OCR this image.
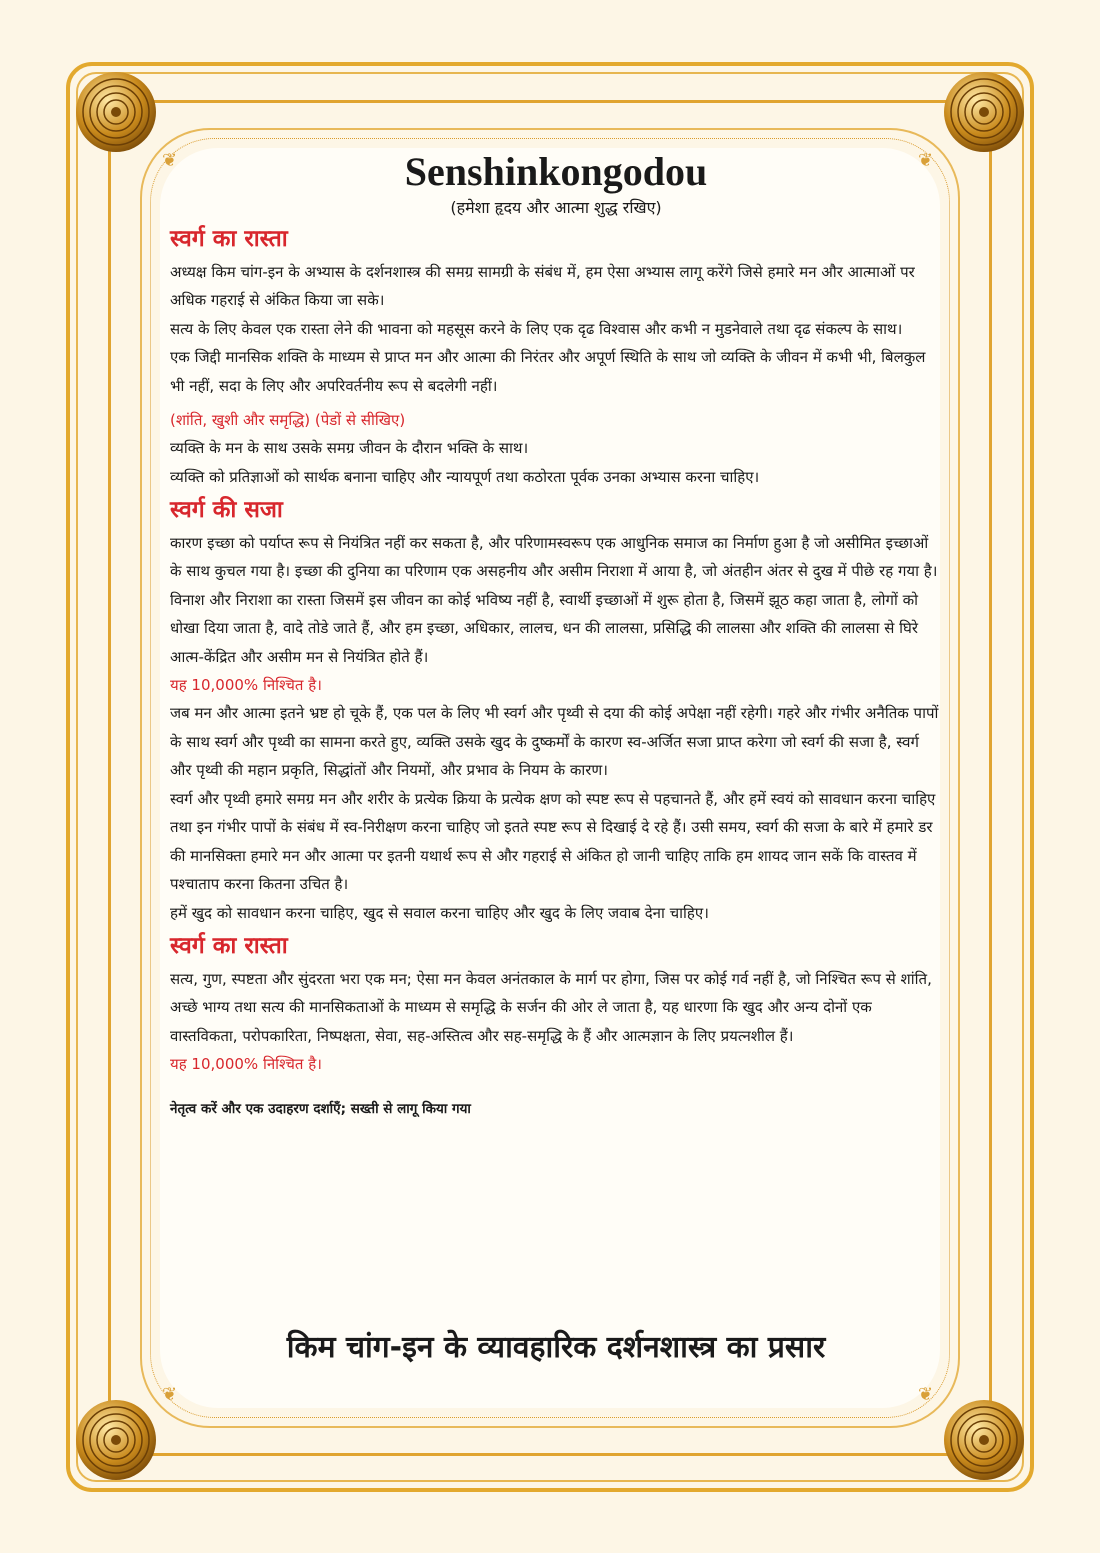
❦	❦
❦	❦
Senshinkongodou
(हमेशा हृदय और आत्मा शुद्ध रखिए)
स्वर्ग का रास्ता

अध्यक्ष किम चांग-इन के अभ्यास के दर्शनशास्त्र की समग्र सामग्री के संबंध में, हम ऐसा अभ्यास लागू करेंगे जिसे हमारे मन और आत्माओं पर अधिक गहराई से अंकित किया जा सके।

सत्य के लिए केवल एक रास्ता लेने की भावना को महसूस करने के लिए एक दृढ विश्वास और कभी न मुडनेवाले तथा दृढ संकल्प के साथ।

एक जिद्दी मानसिक शक्ति के माध्यम से प्राप्त मन और आत्मा की निरंतर और अपूर्ण स्थिति के साथ जो व्यक्ति के जीवन में कभी भी, बिलकुल भी नहीं, सदा के लिए और अपरिवर्तनीय रूप से बदलेगी नहीं।

(शांति, खुशी और समृद्धि) (पेडों से सीखिए)

व्यक्ति के मन के साथ उसके समग्र जीवन के दौरान भक्ति के साथ।

व्यक्ति को प्रतिज्ञाओं को सार्थक बनाना चाहिए और न्यायपूर्ण तथा कठोरता पूर्वक उनका अभ्यास करना चाहिए।

स्वर्ग की सजा

कारण इच्छा को पर्याप्त रूप से नियंत्रित नहीं कर सकता है, और परिणामस्वरूप एक आधुनिक समाज का निर्माण हुआ है जो असीमित इच्छाओं के साथ कुचल गया है। इच्छा की दुनिया का परिणाम एक असहनीय और असीम निराशा में आया है, जो अंतहीन अंतर से दुख में पीछे रह गया है। विनाश और निराशा का रास्ता जिसमें इस जीवन का कोई भविष्य नहीं है, स्वार्थी इच्छाओं में शुरू होता है, जिसमें झूठ कहा जाता है, लोगों को धोखा दिया जाता है, वादे तोडे जाते हैं, और हम इच्छा, अधिकार, लालच, धन की लालसा, प्रसिद्धि की लालसा और शक्ति की लालसा से घिरे आत्म-केंद्रित और असीम मन से नियंत्रित होते हैं।

यह 10,000% निश्चित है।

जब मन और आत्मा इतने भ्रष्ट हो चूके हैं, एक पल के लिए भी स्वर्ग और पृथ्वी से दया की कोई अपेक्षा नहीं रहेगी। गहरे और गंभीर अनैतिक पापों के साथ स्वर्ग और पृथ्वी का सामना करते हुए, व्यक्ति उसके खुद के दुष्कर्मों के कारण स्व-अर्जित सजा प्राप्त करेगा जो स्वर्ग की सजा है, स्वर्ग और पृथ्वी की महान प्रकृति, सिद्धांतों और नियमों, और प्रभाव के नियम के कारण।

स्वर्ग और पृथ्वी हमारे समग्र मन और शरीर के प्रत्येक क्रिया के प्रत्येक क्षण को स्पष्ट रूप से पहचानते हैं, और हमें स्वयं को सावधान करना चाहिए तथा इन गंभीर पापों के संबंध में स्व-निरीक्षण करना चाहिए जो इतते स्पष्ट रूप से दिखाई दे रहे हैं। उसी समय, स्वर्ग की सजा के बारे में हमारे डर की मानसिक्ता हमारे मन और आत्मा पर इतनी यथार्थ रूप से और गहराई से अंकित हो जानी चाहिए ताकि हम शायद जान सकें कि वास्तव में पश्चाताप करना कितना उचित है।

हमें खुद को सावधान करना चाहिए, खुद से सवाल करना चाहिए और खुद के लिए जवाब देना चाहिए।

स्वर्ग का रास्ता

सत्य, गुण, स्पष्टता और सुंदरता भरा एक मन; ऐसा मन केवल अनंतकाल के मार्ग पर होगा, जिस पर कोई गर्व नहीं है, जो निश्चित रूप से शांति, अच्छे भाग्य तथा सत्य की मानसिकताओं के माध्यम से समृद्धि के सर्जन की ओर ले जाता है, यह धारणा कि खुद और अन्य दोनों एक वास्तविकता, परोपकारिता, निष्पक्षता, सेवा, सह-अस्तित्व और सह-समृद्धि के हैं और आत्मज्ञान के लिए प्रयत्नशील हैं।

यह 10,000% निश्चित है।

नेतृत्व करें और एक उदाहरण दर्शाएँ; सख्ती से लागू किया गया

किम चांग-इन के व्यावहारिक दर्शनशास्त्र का प्रसार
